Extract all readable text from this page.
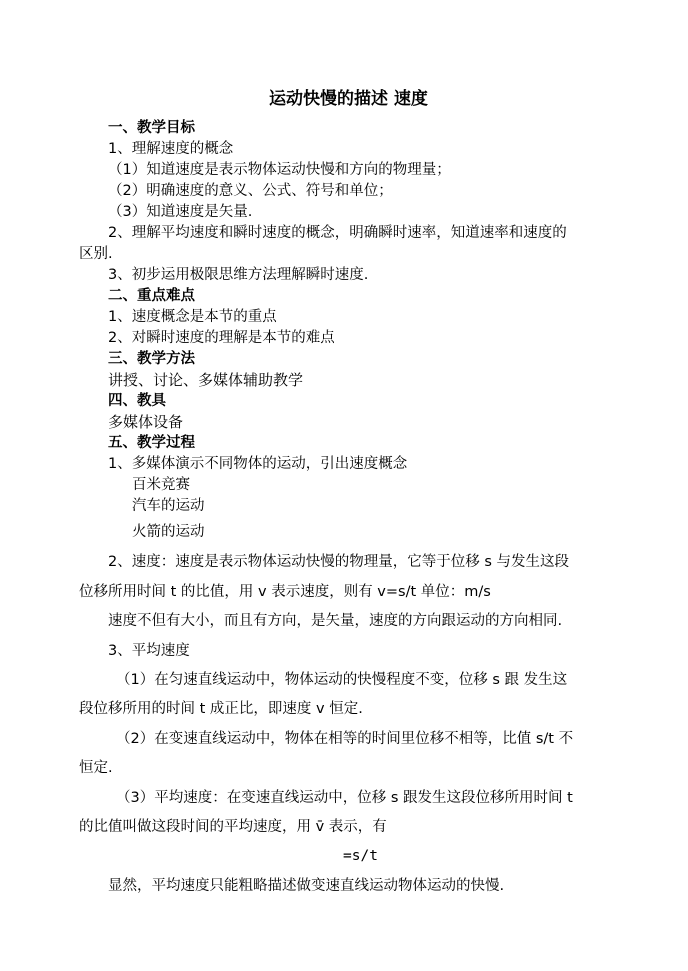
运动快慢的描述 速度
一、教学目标
1、理解速度的概念
（1）知道速度是表示物体运动快慢和方向的物理量；
（2）明确速度的意义、公式、符号和单位；
（3）知道速度是矢量.
2、理解平均速度和瞬时速度的概念，明确瞬时速率，知道速率和速度的
区别.
3、初步运用极限思维方法理解瞬时速度.
二、重点难点
1、速度概念是本节的重点
2、对瞬时速度的理解是本节的难点
三、教学方法
讲授、讨论、多媒体辅助教学
四、教具
多媒体设备
五、教学过程
1、多媒体演示不同物体的运动，引出速度概念
百米竞赛
汽车的运动
火箭的运动
2、速度：速度是表示物体运动快慢的物理量，它等于位移 s 与发生这段
位移所用时间 t 的比值，用 v 表示速度，则有 v=s/t 单位：m/s
速度不但有大小，而且有方向，是矢量，速度的方向跟运动的方向相同.
3、平均速度
（1）在匀速直线运动中，物体运动的快慢程度不变，位移 s 跟 发生这
段位移所用的时间 t 成正比，即速度 v 恒定.
（2）在变速直线运动中，物体在相等的时间里位移不相等，比值 s/t 不
恒定.
（3）平均速度：在变速直线运动中，位移 s 跟发生这段位移所用时间 t
的比值叫做这段时间的平均速度，用 v̄ 表示，有
=s/t
显然，平均速度只能粗略描述做变速直线运动物体运动的快慢.
